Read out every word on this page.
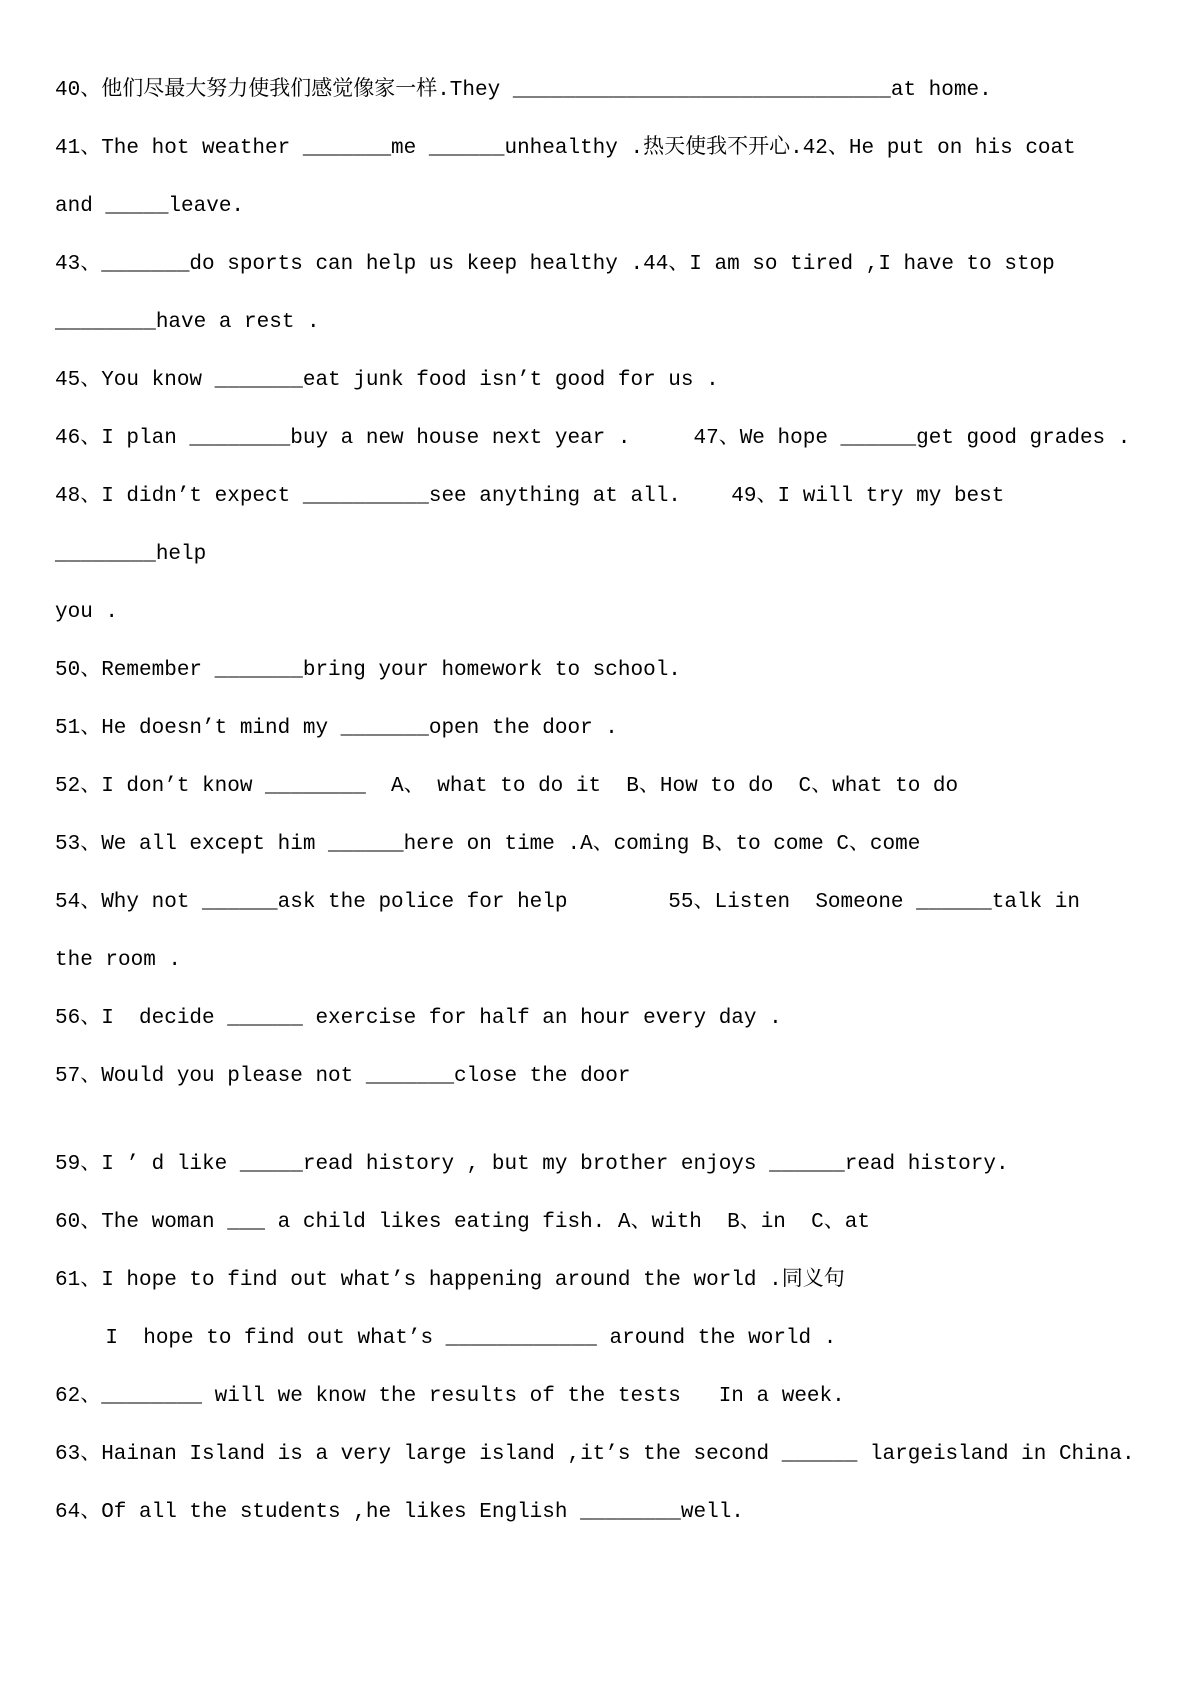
40、他们尽最大努力使我们感觉像家一样.They ______________________________at home.
41、The hot weather _______me ______unhealthy .热天使我不开心.42、He put on his coat
and _____leave.
43、_______do sports can help us keep healthy .44、I am so tired ,I have to stop
________have a rest .
45、You know _______eat junk food isn’t good for us .
46、I plan ________buy a new house next year .     47、We hope ______get good grades .
48、I didn’t expect __________see anything at all.    49、I will try my best ________help
you .
50、Remember _______bring your homework to school.
51、He doesn’t mind my _______open the door .
52、I don’t know ________  A、 what to do it  B、How to do  C、what to do
53、We all except him ______here on time .A、coming B、to come C、come
54、Why not ______ask the police for help        55、Listen  Someone ______talk in
the room .
56、I  decide ______ exercise for half an hour every day .
57、Would you please not _______close the door
59、I ’ d like _____read history , but my brother enjoys ______read history.
60、The woman ___ a child likes eating fish. A、with  B、in  C、at
61、I hope to find out what’s happening around the world .同义句
I  hope to find out what’s ____________ around the world .
62、________ will we know the results of the tests   In a week.
63、Hainan Island is a very large island ,it’s the second ______ largeisland in China.
64、Of all the students ,he likes English ________well.
